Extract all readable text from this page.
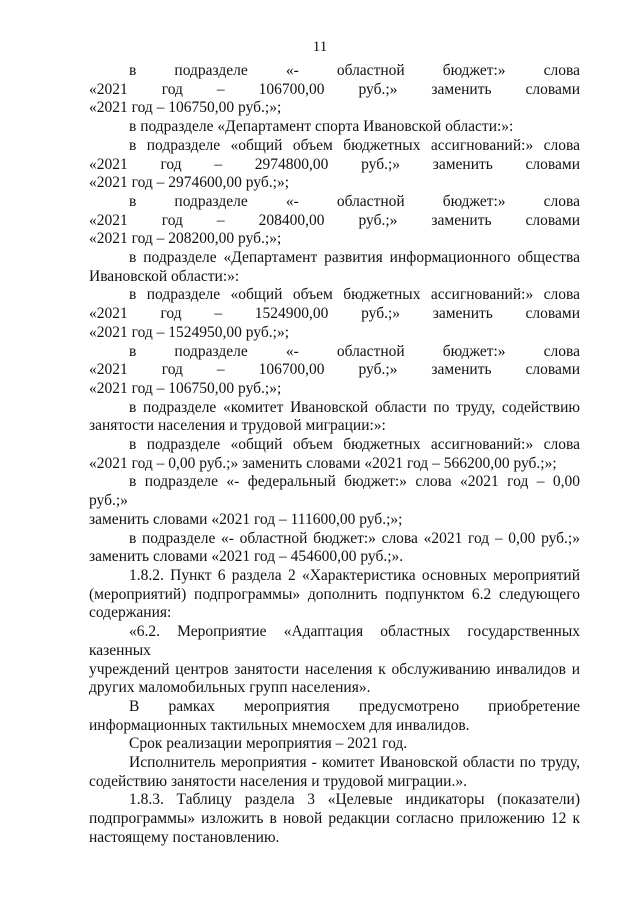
11

в подразделе «- областной бюджет:» слова

«2021 год – 106700,00 руб.;» заменить словами

«2021 год – 106750,00 руб.;»;

в подразделе «Департамент спорта Ивановской области:»:

в подразделе «общий объем бюджетных ассигнований:» слова

«2021 год – 2974800,00 руб.;» заменить словами

«2021 год – 2974600,00 руб.;»;

в подразделе «- областной бюджет:» слова

«2021 год – 208400,00 руб.;» заменить словами

«2021 год – 208200,00 руб.;»;

в подразделе «Департамент развития информационного общества

Ивановской области:»:

в подразделе «общий объем бюджетных ассигнований:» слова

«2021 год – 1524900,00 руб.;» заменить словами

«2021 год – 1524950,00 руб.;»;

в подразделе «- областной бюджет:» слова

«2021 год – 106700,00 руб.;» заменить словами

«2021 год – 106750,00 руб.;»;

в подразделе «комитет Ивановской области по труду, содействию

занятости населения и трудовой миграции:»:

в подразделе «общий объем бюджетных ассигнований:» слова

«2021 год – 0,00 руб.;» заменить словами «2021 год – 566200,00 руб.;»;

в подразделе «- федеральный бюджет:» слова «2021 год – 0,00 руб.;»

заменить словами «2021 год – 111600,00 руб.;»;

в подразделе «- областной бюджет:» слова «2021 год – 0,00 руб.;»

заменить словами «2021 год – 454600,00 руб.;».

1.8.2. Пункт 6 раздела 2 «Характеристика основных мероприятий

(мероприятий) подпрограммы» дополнить подпунктом 6.2 следующего

содержания:

«6.2. Мероприятие «Адаптация областных государственных казенных

учреждений центров занятости населения к обслуживанию инвалидов и

других маломобильных групп населения».

В рамках мероприятия предусмотрено приобретение

информационных тактильных мнемосхем для инвалидов.

Срок реализации мероприятия – 2021 год.

Исполнитель мероприятия - комитет Ивановской области по труду,

содействию занятости населения и трудовой миграции.».

1.8.3. Таблицу раздела 3 «Целевые индикаторы (показатели)

подпрограммы» изложить в новой редакции согласно приложению 12 к

настоящему постановлению.
